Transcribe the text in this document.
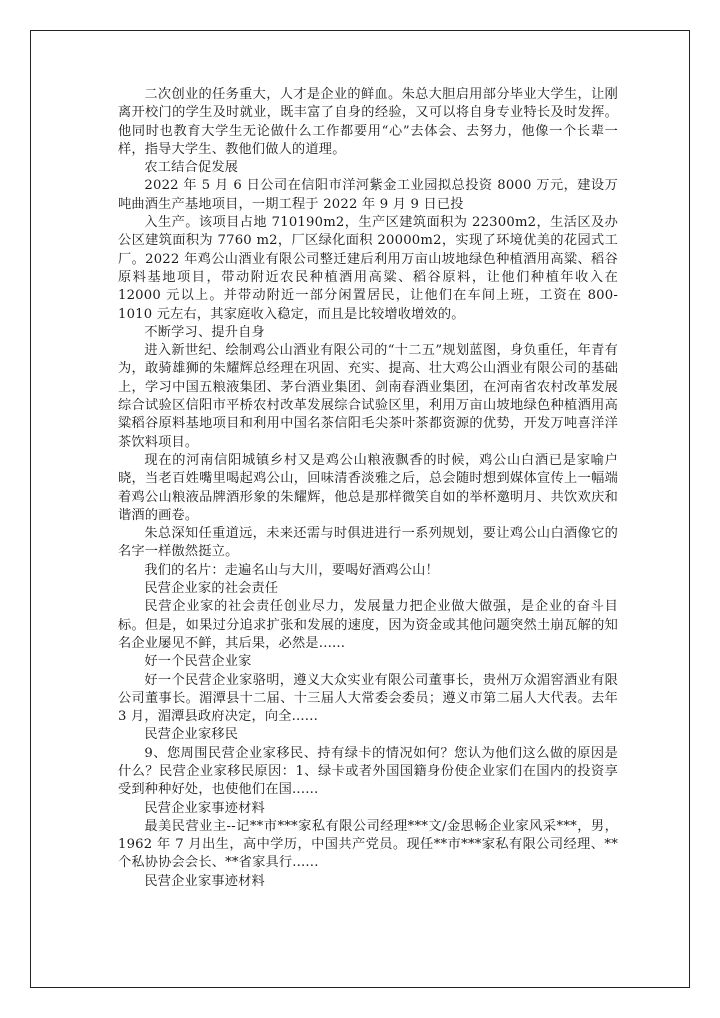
二次创业的任务重大，人才是企业的鲜血。朱总大胆启用部分毕业大学生，让刚离开校门的学生及时就业，既丰富了自身的经验，又可以将自身专业特长及时发挥。他同时也教育大学生无论做什么工作都要用“心”去体会、去努力，他像一个长辈一样，指导大学生、教他们做人的道理。

农工结合促发展

2022 年 5 月 6 日公司在信阳市洋河紫金工业园拟总投资 8000 万元，建设万吨曲酒生产基地项目，一期工程于 2022 年 9 月 9 日已投

入生产。该项目占地 710190m2，生产区建筑面积为 22300m2，生活区及办公区建筑面积为 7760 m2，厂区绿化面积 20000m2，实现了环境优美的花园式工厂。2022 年鸡公山酒业有限公司整迁建后利用万亩山坡地绿色种植酒用高粱、稻谷原料基地项目，带动附近农民种植酒用高粱、稻谷原料，让他们种植年收入在 12000 元以上。并带动附近一部分闲置居民，让他们在车间上班，工资在 800-1010 元左右，其家庭收入稳定，而且是比较增收增效的。

不断学习、提升自身

进入新世纪、绘制鸡公山酒业有限公司的“十二五”规划蓝图，身负重任，年青有为，敢骑雄狮的朱耀辉总经理在巩固、充实、提高、壮大鸡公山酒业有限公司的基础上，学习中国五粮液集团、茅台酒业集团、剑南春酒业集团，在河南省农村改革发展综合试验区信阳市平桥农村改革发展综合试验区里，利用万亩山坡地绿色种植酒用高粱稻谷原料基地项目和利用中国名茶信阳毛尖茶叶茶都资源的优势，开发万吨喜洋洋茶饮料项目。

现在的河南信阳城镇乡村又是鸡公山粮液飘香的时候，鸡公山白酒已是家喻户晓，当老百姓嘴里喝起鸡公山，回味清香淡雅之后，总会随时想到媒体宣传上一幅端着鸡公山粮液品牌酒形象的朱耀辉，他总是那样微笑自如的举杯邀明月、共饮欢庆和谐酒的画卷。

朱总深知任重道远，未来还需与时俱进进行一系列规划，要让鸡公山白酒像它的名字一样傲然挺立。

我们的名片：走遍名山与大川，要喝好酒鸡公山！

民营企业家的社会责任

民营企业家的社会责任创业尽力，发展量力把企业做大做强，是企业的奋斗目标。但是，如果过分追求扩张和发展的速度，因为资金或其他问题突然土崩瓦解的知名企业屡见不鲜，其后果，必然是......

好一个民营企业家

好一个民营企业家骆明，遵义大众实业有限公司董事长，贵州万众湄窖酒业有限公司董事长。湄潭县十二届、十三届人大常委会委员；遵义市第二届人大代表。去年 3 月，湄潭县政府决定，向全......

民营企业家移民

9、您周围民营企业家移民、持有绿卡的情况如何？您认为他们这么做的原因是什么？民营企业家移民原因：1、绿卡或者外国国籍身份使企业家们在国内的投资享受到种种好处，也使他们在国......

民营企业家事迹材料

最美民营业主--记**市***家私有限公司经理***文/金思畅企业家风采***，男，1962 年 7 月出生，高中学历，中国共产党员。现任**市***家私有限公司经理、**个私协协会会长、**省家具行......

民营企业家事迹材料
